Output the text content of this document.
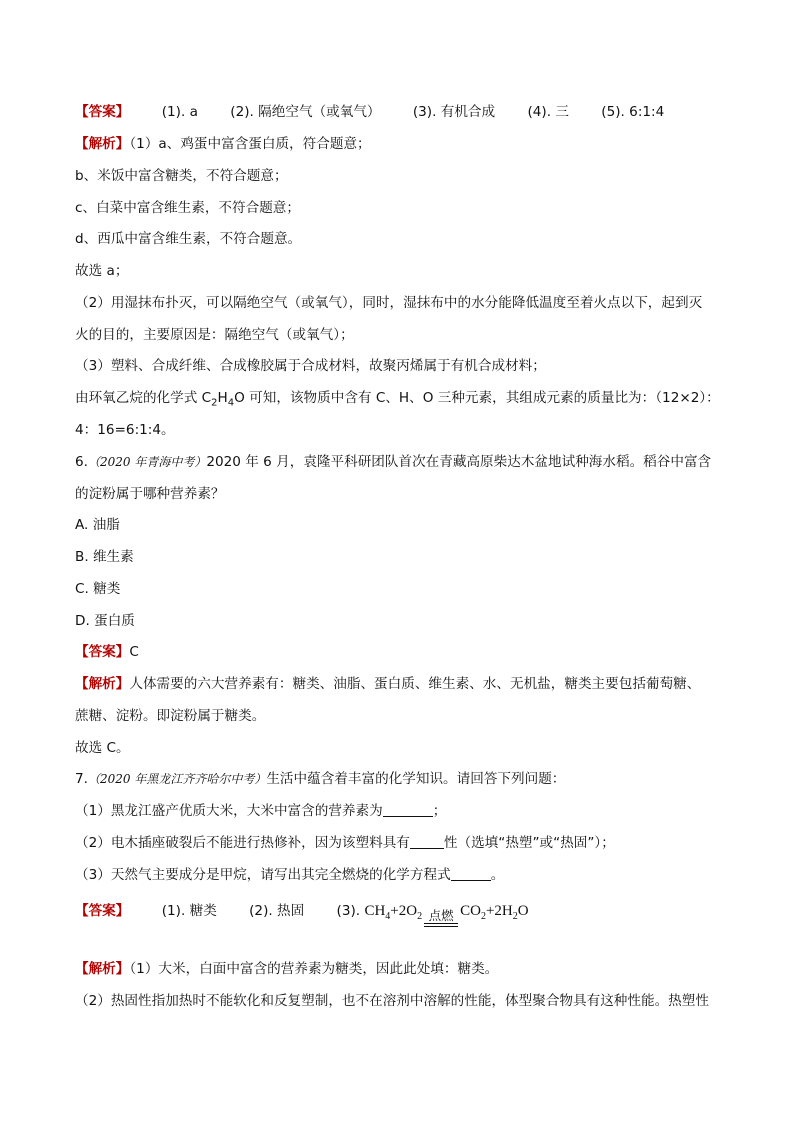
【答案】 (1). a (2). 隔绝空气（或氧气） (3). 有机合成 (4). 三 (5). 6:1:4
【解析】（1）a、鸡蛋中富含蛋白质，符合题意；
b、米饭中富含糖类，不符合题意；
c、白菜中富含维生素，不符合题意；
d、西瓜中富含维生素，不符合题意。
故选 a；
（2）用湿抹布扑灭，可以隔绝空气（或氧气），同时，湿抹布中的水分能降低温度至着火点以下，起到灭
火的目的，主要原因是：隔绝空气（或氧气）；
（3）塑料、合成纤维、合成橡胶属于合成材料，故聚丙烯属于有机合成材料；
由环氧乙烷的化学式 $C_2H_4O$ 可知，该物质中含有 C、H、O 三种元素，其组成元素的质量比为：（12×2）：
4：16=6:1:4。
6.（2020 年青海中考）2020 年 6 月，袁隆平科研团队首次在青藏高原柴达木盆地试种海水稻。稻谷中富含
的淀粉属于哪种营养素？
A. 油脂
B. 维生素
C. 糖类
D. 蛋白质
【答案】C
【解析】人体需要的六大营养素有：糖类、油脂、蛋白质、维生素、水、无机盐，糖类主要包括葡萄糖、
蔗糖、淀粉。即淀粉属于糖类。
故选 C。
7.（2020 年黑龙江齐齐哈尔中考）生活中蕴含着丰富的化学知识。请回答下列问题：
（1）黑龙江盛产优质大米，大米中富含的营养素为	；
（2）电木插座破裂后不能进行热修补，因为该塑料具有	性（选填“热塑”或“热固”）；
（3）天然气主要成分是甲烷，请写出其完全燃烧的化学方程式	。
【答案】 (1). 糖类 (2). 热固 (3). $CH_4+2O_2$ 点燃 $CO_2+2H_2O$
【解析】（1）大米，白面中富含的营养素为糖类，因此此处填：糖类。
（2）热固性指加热时不能软化和反复塑制，也不在溶剂中溶解的性能，体型聚合物具有这种性能。热塑性
